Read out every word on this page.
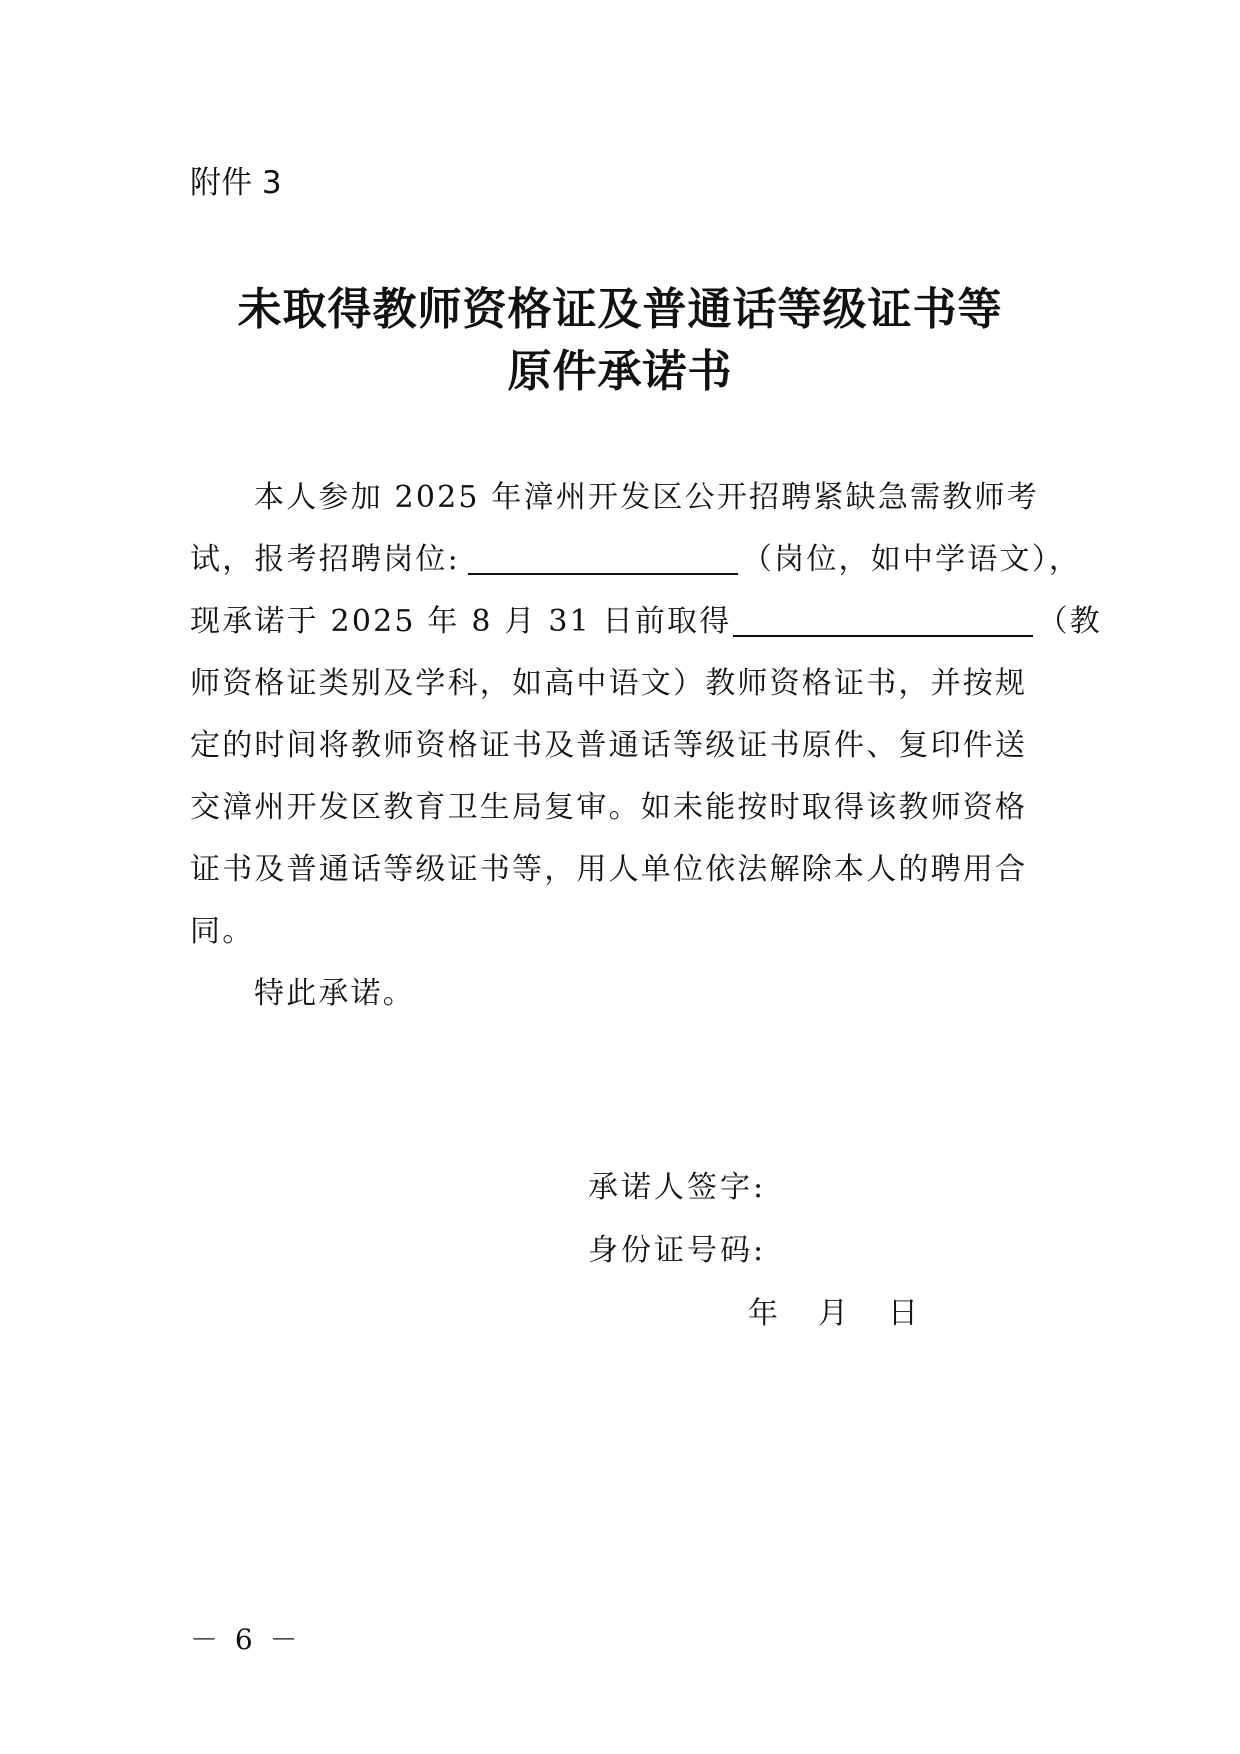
附件 3
未取得教师资格证及普通话等级证书等
原件承诺书
本人参加 2025 年漳州开发区公开招聘紧缺急需教师考
试，报考招聘岗位:	（岗位，如中学语文），
现承诺于 2025 年 8 月 31 日前取得	（教
师资格证类别及学科，如高中语文）教师资格证书，并按规
定的时间将教师资格证书及普通话等级证书原件、复印件送
交漳州开发区教育卫生局复审。如未能按时取得该教师资格
证书及普通话等级证书等，用人单位依法解除本人的聘用合
同。
特此承诺。
承诺人签字:
身份证号码:
年 月 日
－ 6 －
